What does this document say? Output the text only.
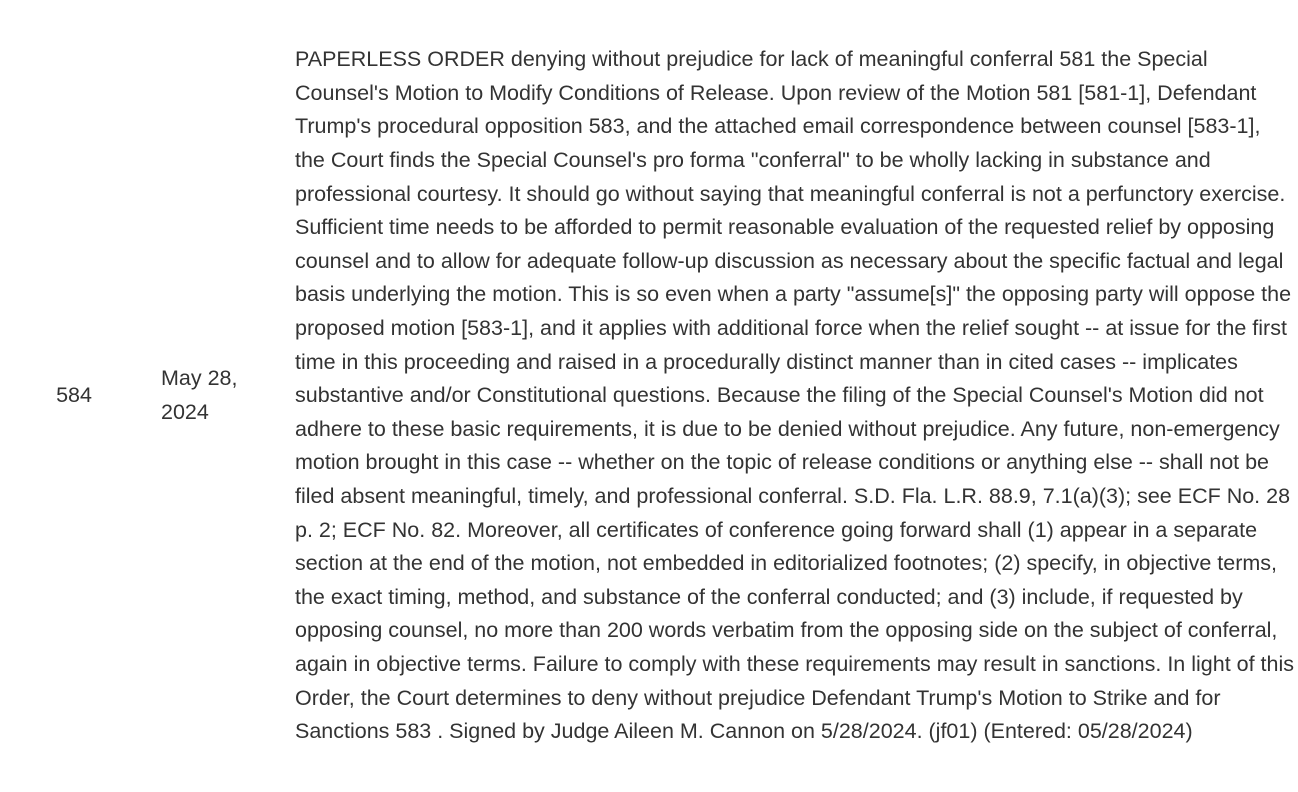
584
May 28, 2024
PAPERLESS ORDER denying without prejudice for lack of meaningful conferral 581 the Special Counsel's Motion to Modify Conditions of Release. Upon review of the Motion 581 [581-1], Defendant Trump's procedural opposition 583, and the attached email correspondence between counsel [583-1], the Court finds the Special Counsel's pro forma "conferral" to be wholly lacking in substance and professional courtesy. It should go without saying that meaningful conferral is not a perfunctory exercise. Sufficient time needs to be afforded to permit reasonable evaluation of the requested relief by opposing counsel and to allow for adequate follow-up discussion as necessary about the specific factual and legal basis underlying the motion. This is so even when a party "assume[s]" the opposing party will oppose the proposed motion [583-1], and it applies with additional force when the relief sought -- at issue for the first time in this proceeding and raised in a procedurally distinct manner than in cited cases -- implicates substantive and/or Constitutional questions. Because the filing of the Special Counsel's Motion did not adhere to these basic requirements, it is due to be denied without prejudice. Any future, non-emergency motion brought in this case -- whether on the topic of release conditions or anything else -- shall not be filed absent meaningful, timely, and professional conferral. S.D. Fla. L.R. 88.9, 7.1(a)(3); see ECF No. 28 p. 2; ECF No. 82. Moreover, all certificates of conference going forward shall (1) appear in a separate section at the end of the motion, not embedded in editorialized footnotes; (2) specify, in objective terms, the exact timing, method, and substance of the conferral conducted; and (3) include, if requested by opposing counsel, no more than 200 words verbatim from the opposing side on the subject of conferral, again in objective terms. Failure to comply with these requirements may result in sanctions. In light of this Order, the Court determines to deny without prejudice Defendant Trump's Motion to Strike and for Sanctions 583 . Signed by Judge Aileen M. Cannon on 5/28/2024. (jf01) (Entered: 05/28/2024)
